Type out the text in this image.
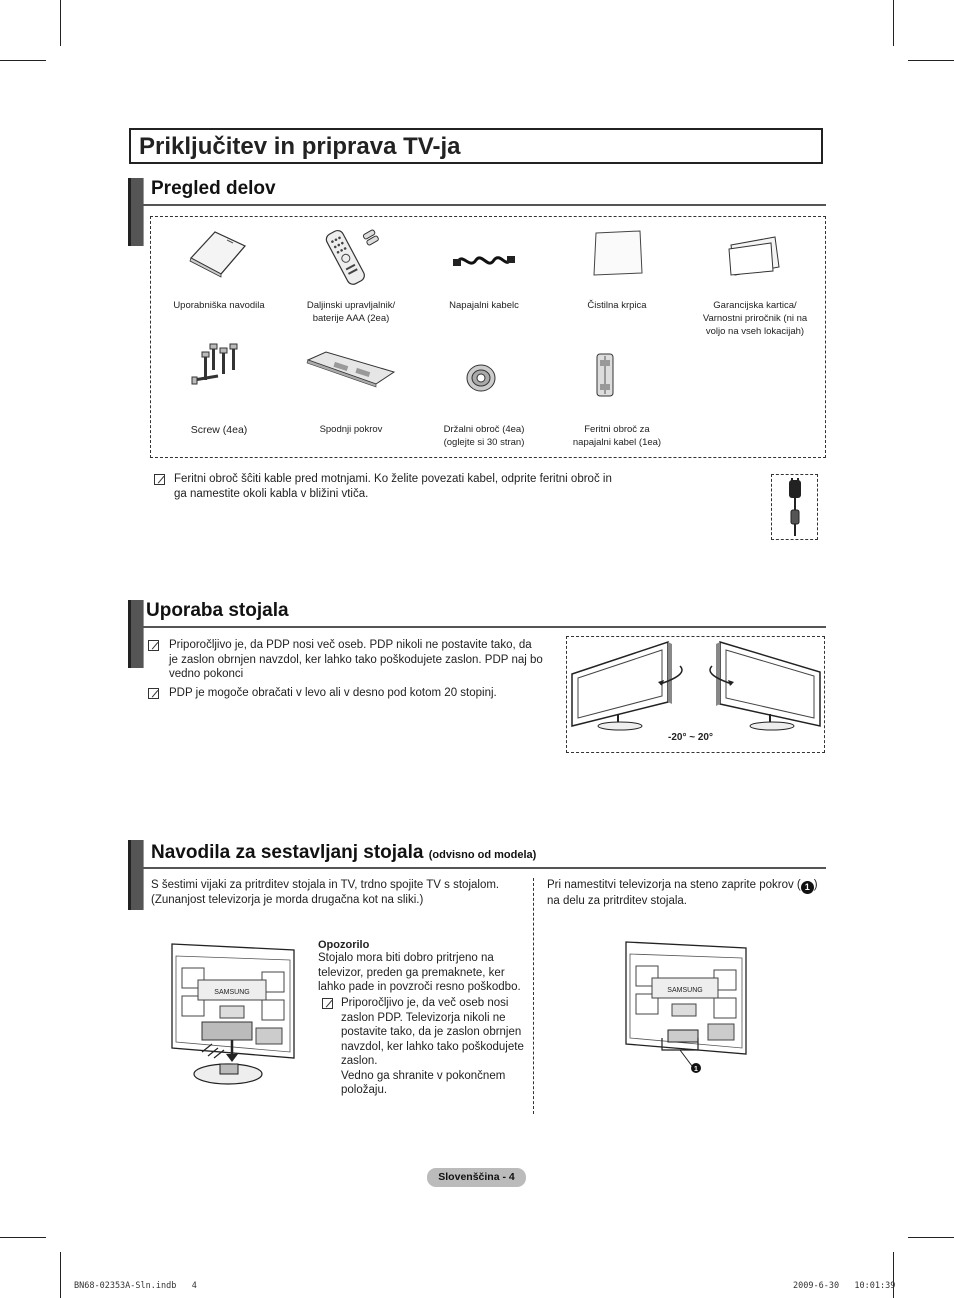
Priključitev in priprava TV-ja
Pregled delov
Uporabniška navodila	Daljinski upravljalnik/
baterije AAA (2ea)
Napajalni kabelc	Čistilna krpica	Garancijska kartica/
Varnostni priročnik (ni na
voljo na vseh lokacijah)
Screw (4ea)	Spodnji pokrov	Držalni obroč (4ea)
(oglejte si 30 stran)
Feritni obroč za
napajalni kabel (1ea)
Feritni obroč šĉiti kable pred motnjami. Ko želite povezati kabel, odprite feritni obroč in
ga namestite okoli kabla v bližini vtiča.
Uporaba stojala
Priporočljivo je, da PDP nosi več oseb. PDP nikoli ne postavite tako, da
je zaslon obrnjen navzdol, ker lahko tako poškodujete zaslon. PDP naj bo
vedno pokonci
PDP je mogoče obračati v levo ali v desno pod kotom 20 stopinj.
-20° ~ 20°
Navodila za sestavljanj stojala (odvisno od modela)
S šestimi vijaki za pritrditev stojala in TV, trdno spojite TV s stojalom.
(Zunanjost televizorja je morda drugačna kot na sliki.)
Pri namestitvi televizorja na steno zaprite pokrov ( 1 )
na delu za pritrditev stojala.
SAMSUNG
Opozorilo
Stojalo mora biti dobro pritrjeno na
televizor, preden ga premaknete, ker
lahko pade in povzroči resno poškodbo.
Priporočljivo je, da več oseb nosi
zaslon PDP. Televizorja nikoli ne
postavite tako, da je zaslon obrnjen
navzdol, ker lahko tako poškodujete
zaslon.
Vedno ga shranite v pokončnem
položaju.
SAMSUNG
1
Slovenščina - 4
BN68-02353A-Sln.indb   4	2009-6-30   10:01:39
